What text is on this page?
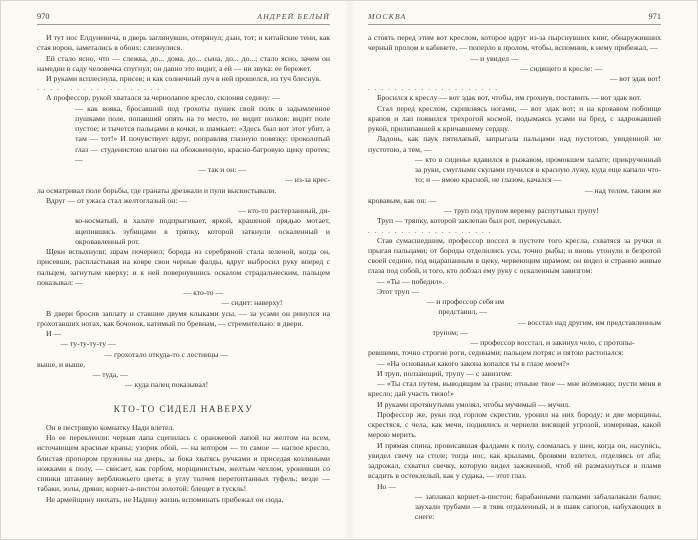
970	АНДРЕЙ БЕЛЫЙ
И тут нос Елдуневича, в дверь заглянувши, отпрянул; дзан, тот; и китайские тени, как стая ворон, заметались в обоих: слизнулися.
Ей стало ясно, что — слежка, до... дома, до... сына, до... до...; стало ясно, зачем он намедни в саду человечка спугнул; он давно это видит, а ей — ни звука: ее бережет.
И руками всплеснула, присев; и как солнечный луч в ней прошелся, из туч блеснув.
. . . . . . . . . . . . . . . . . . . .
А профессор, рукой хватался за чернолапое кресло, склоняя седину: —
— как вояка, бросавший под грохоты пушек свой полк в задымленное пушками поле, попавший опять на то место, не видит полков: видит поле пустое; и тычется пальцами в кочки, и шамкает: «Здесь был вот этот убит, а там — тот!» И почувствует вдруг, поправляя глазную повязку: проколотый глаз — студенистою влагою на обожженную, красно-багровую щеку протек; —
— так и он: —
— из-за крес-
ла осматривал поле борьбы, где гранаты дрезжали и пули высвистывали.
Вдруг — от ужаса стал желтоглазый он: —
— кто-то растерзанный, ди-
ко-косматый, в халате подпрыгивает, яркой, крашеной прядью мотает, вцепившись зубищами в тряпку, которой заткнули оскаленный и окровавленный рот.
Щеки вспыхнули; шрам почернел; борода из серебряной стала зеленой, когда он, присевши, распластывая на ковре свои черные фалды, вдруг выбросил руку вперед с пальцем, загнутым кверху; и к ней повернувшись оскалом страдальческим, пальцем показывал: —
— кто-то —
— сидит: наверху!
В двери бросив заплату и ставшие двумя клыками усы, — за усами он ринулся на грохотавших ногах, как бочонок, катимый по бревнам, — стремительно: в двери.
И —
— ту-ту-ту-ту —
— грохотало откуда-то с лестницы —
выше, и выше,
— туда, —
— куда палец показывал!
КТО-ТО СИДЕЛ НАВЕРХУ
Он в пестрявую комнатку Нади влетел.
Но ее переклеили: черная лапа сцепилась с оранжевой лапой на желтом на всем, источающем красные крапы; узорик обой, — на котором — то самое — наглое кресло, блистая пропором пружины на дверь, за бока хватясь ручками и приседая козлиными ножками к полу, — свисает, как горбом, морщинистым, желтым чехлом, уронивши со спинки штанину верблюжьего цвета; в углу толчея перетоптанных туфель; везде — табаки, золы, дряни; корнет-а-пистон золотой: блещет в тускль!
Не армейщину нюхать, не Надину жизнь вспоминать прибежал он сюда,
МОСКВА	971
а стоять перед этим вот креслом, которое вдруг из-за пырснувших книг, обнаруживших черный пролом в кабинете, — поперло в пролом, чтобы, вспомнив, к нему прибежал, —
— и увидел —
— сидящего в кресле: —
— вот эдак вот!
. . . . . . . . . . . . . . . . . . . .
Бросился к креслу — вот эдак вот, чтобы, им грохнув, поставить — вот эдак вот.
Стал перед креслом, скривляясь ногами, — вот эдак вот; и на кровавом побоище крапов и лап появился трехрогой космой, подымаясь усами на бред, с задрожавшей рукой, прилипавшей к кричавшему сердцу.
Ладонь, как паук пятилапый, запрыгала пальцами над пустотою, увиденной не пустотою, а тем, —
— кто в сиденье вдавился в рыжавом, промокшем халате; прикрученный за руки, смуглыми скулами пучился в красную лужу, куда еще капало что-то; и — ямою красной, не глазом, качался —
— над телом, таким же
кровавым, как он: —
— труп под трупом веревку распутывал трупу!
Труп — тряпку, которой заклепан был рот, перекусывал.
. . . . . . . . . . . . . . . . . . .
Став сумасшедшим, профессор воссел в пустоте того кресла, схватяся за ручки и прыгая пальцами; от бороды отделились усы, точно рыбы; и вновь утонули в безротой своей седине, под вцарапанным в щеку, червеющим шрамом; он видел и странно живые глаза под собой, и того, кто лобзал ему руку с оскаленным завизгом:
— «Ты — победил».
Этот труп —
— и профессор себя им
представил, —
— восстал над другим, им представленным
трупом; —
— профессор восстал, и закинул чело, с протопы-
ревшими, точно строгие роги, сединами; пальцем потряс и пятою растопался:
— «На основаньи какого закона копался ты в глазе моем?»
И труп, ползающий, трупу — с завизгом:
— «Ты стал путем, выводящим за грани; отныне твое — мне возможно; пусти меня в кресло; дай участь твою!»
И руками протянутыми умолял, чтобы мучимый — мучил.
Профессор же, руки под горлом скрестив, уронил на них бороду; и две морщины, скрестяся, с чела, как мечи, поднялись и чернели висящей угрозой, измеривая, какой мерою мерить.
И прямая спина, провисавшая фалдами к полу, сломалась у шеи, когда он, насупясь, увидел свечу на столе; тогда нос, как крылами, бровями взлетел, отделяясь от лба; задрожал, схватил свечку, которую видел зажженной, чтоб ей размахнуться и пламя всадить в остеклелый, как у судака, — этот глаз.
Но —
— заплакал корнет-а-пистон; барабанными палками забалалакали балки; заухали трубами — в тявк отдаленный, и в шавк сапогов, набухающих в снеге:
